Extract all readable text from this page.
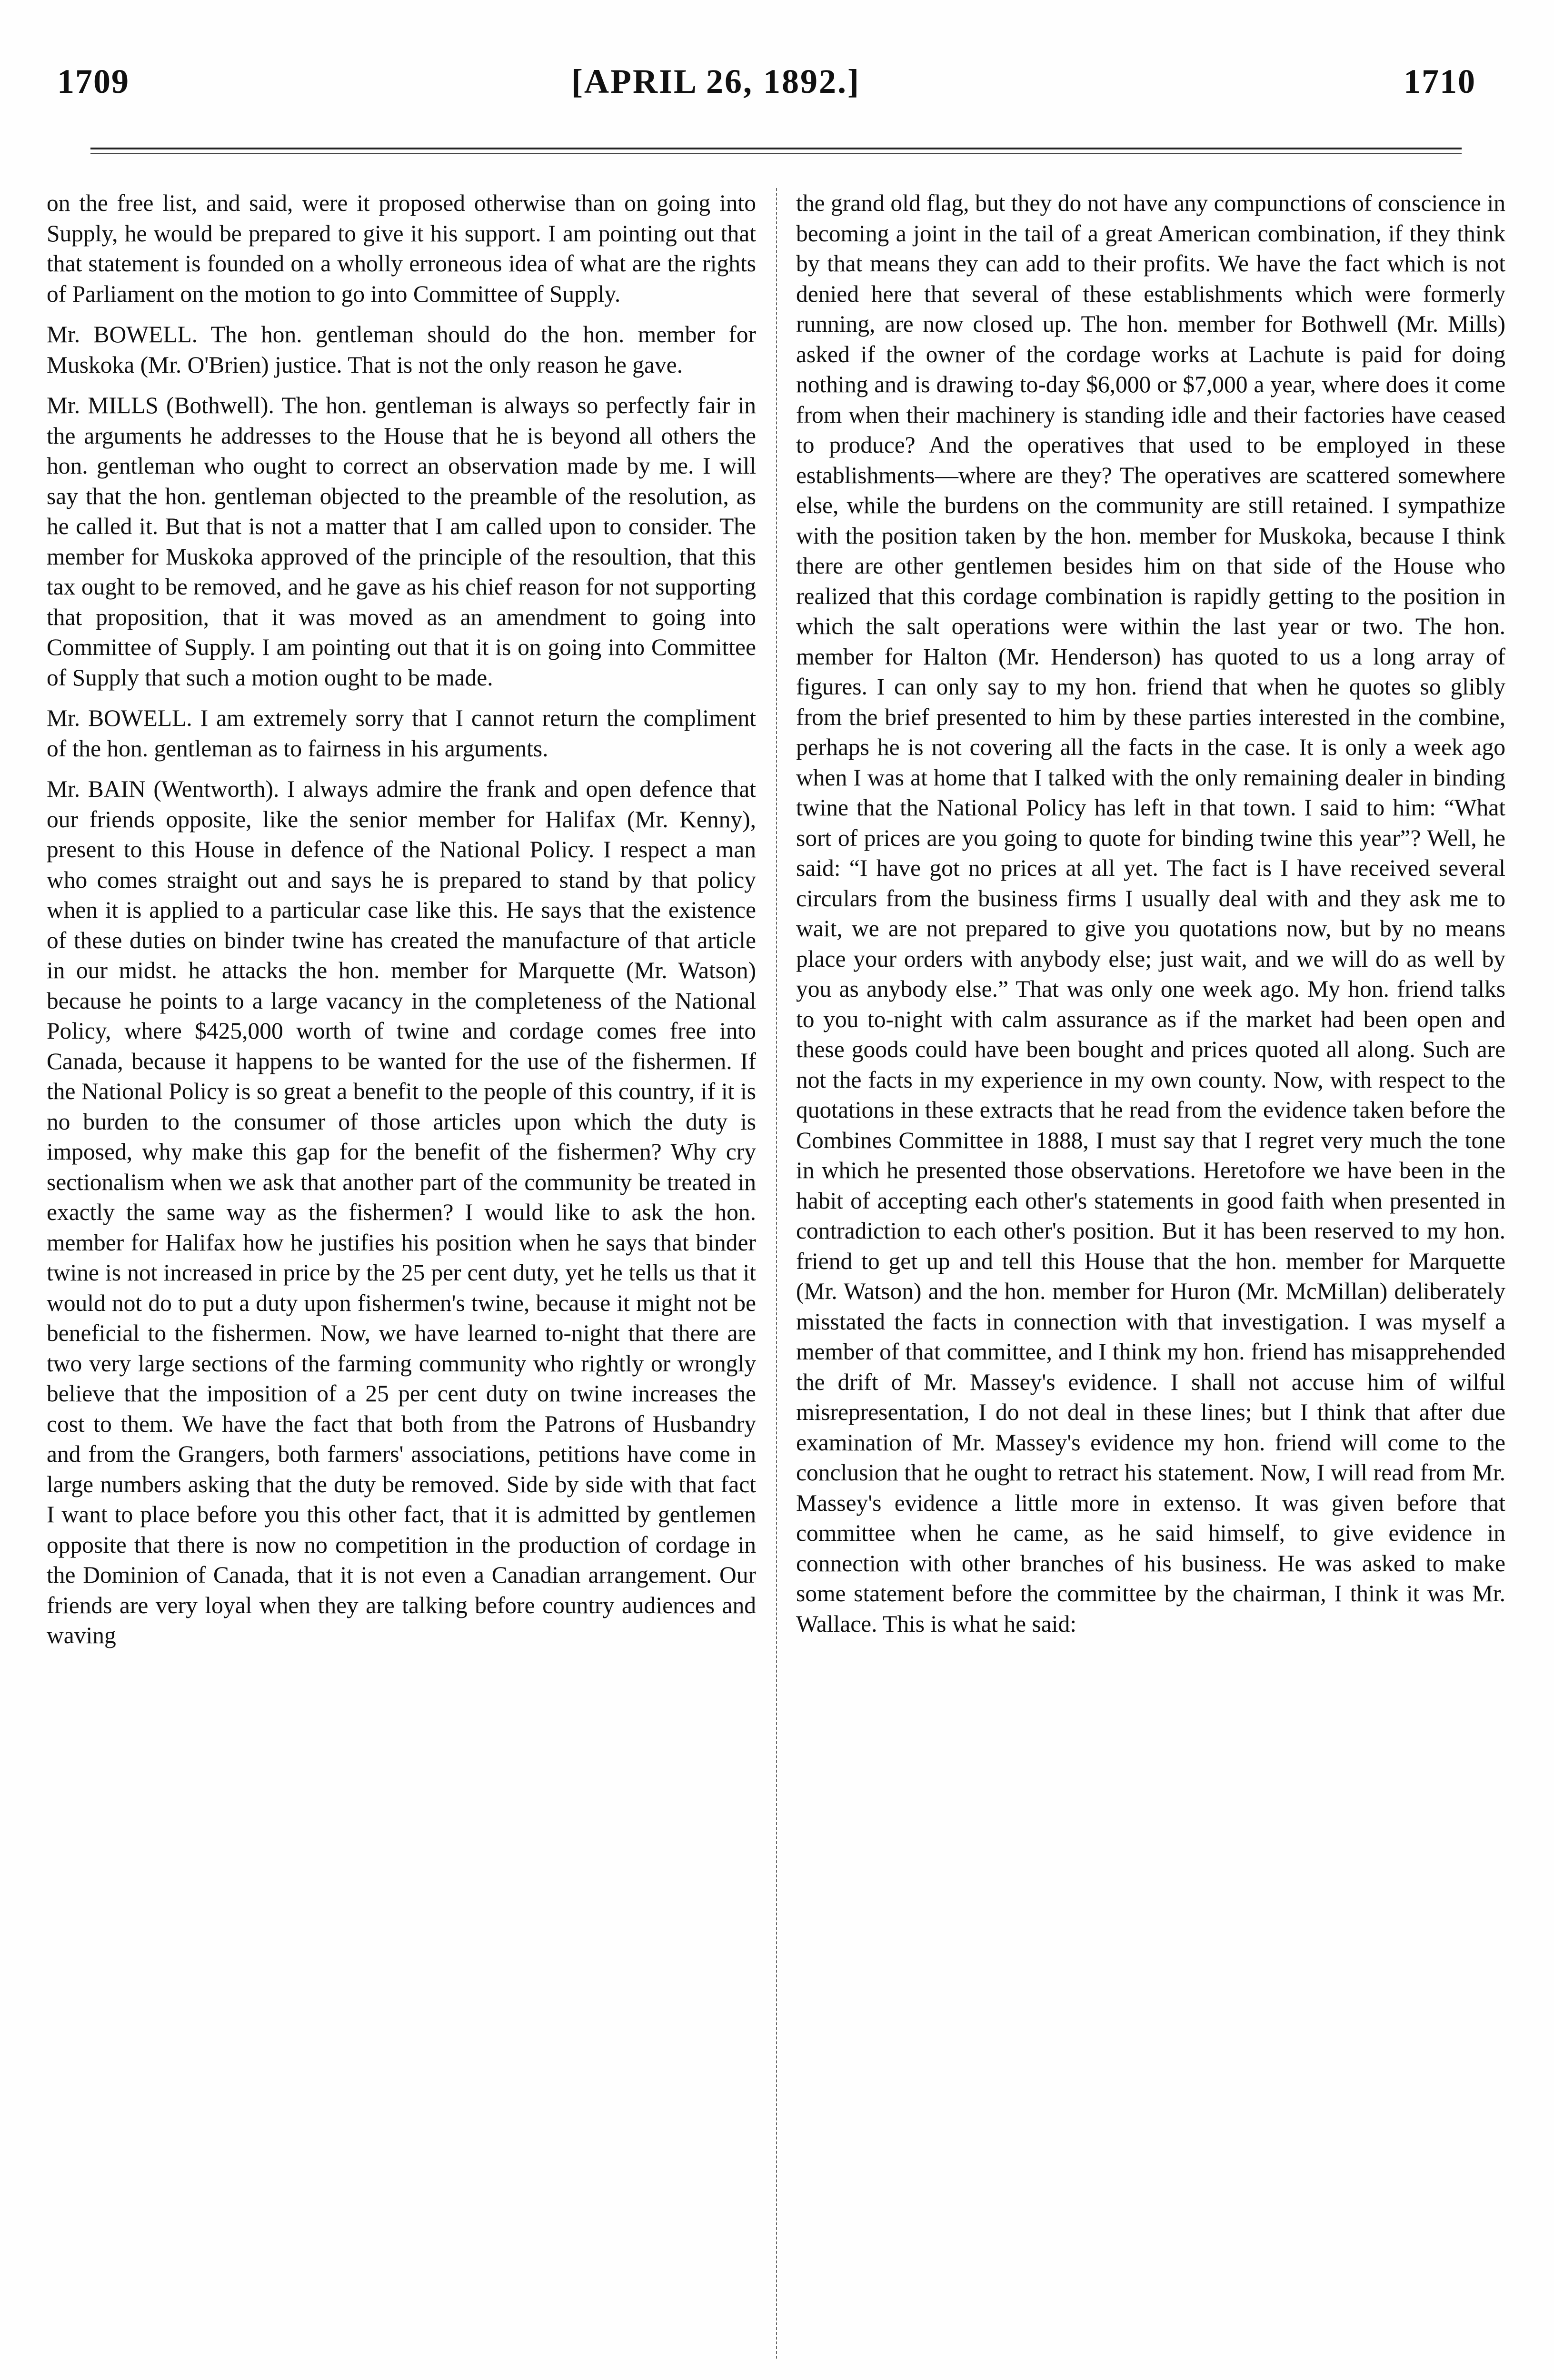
1709	[APRIL 26, 1892.]	1710

on the free list, and said, were it proposed otherwise than on going into Supply, he would be prepared to give it his support. I am pointing out that that statement is founded on a wholly erroneous idea of what are the rights of Parliament on the motion to go into Committee of Supply.

Mr. BOWELL. The hon. gentleman should do the hon. member for Muskoka (Mr. O'Brien) justice. That is not the only reason he gave.

Mr. MILLS (Bothwell). The hon. gentleman is always so perfectly fair in the arguments he addresses to the House that he is beyond all others the hon. gentleman who ought to correct an observation made by me. I will say that the hon. gentleman objected to the preamble of the resolution, as he called it. But that is not a matter that I am called upon to consider. The member for Muskoka approved of the principle of the resoultion, that this tax ought to be removed, and he gave as his chief reason for not supporting that proposition, that it was moved as an amendment to going into Committee of Supply. I am pointing out that it is on going into Committee of Supply that such a motion ought to be made.

Mr. BOWELL. I am extremely sorry that I cannot return the compliment of the hon. gentleman as to fairness in his arguments.

Mr. BAIN (Wentworth). I always admire the frank and open defence that our friends opposite, like the senior member for Halifax (Mr. Kenny), present to this House in defence of the National Policy. I respect a man who comes straight out and says he is prepared to stand by that policy when it is applied to a particular case like this. He says that the existence of these duties on binder twine has created the manufacture of that article in our midst. he attacks the hon. member for Marquette (Mr. Watson) because he points to a large vacancy in the completeness of the National Policy, where $425,000 worth of twine and cordage comes free into Canada, because it happens to be wanted for the use of the fishermen. If the National Policy is so great a benefit to the people of this country, if it is no burden to the consumer of those articles upon which the duty is imposed, why make this gap for the benefit of the fishermen? Why cry sectionalism when we ask that another part of the community be treated in exactly the same way as the fishermen? I would like to ask the hon. member for Halifax how he justifies his position when he says that binder twine is not increased in price by the 25 per cent duty, yet he tells us that it would not do to put a duty upon fishermen's twine, because it might not be beneficial to the fishermen. Now, we have learned to-night that there are two very large sections of the farming community who rightly or wrongly believe that the imposition of a 25 per cent duty on twine increases the cost to them. We have the fact that both from the Patrons of Husbandry and from the Grangers, both farmers' associations, petitions have come in large numbers asking that the duty be removed. Side by side with that fact I want to place before you this other fact, that it is admitted by gentlemen opposite that there is now no competition in the production of cordage in the Dominion of Canada, that it is not even a Canadian arrangement. Our friends are very loyal when they are talking before country audiences and waving

the grand old flag, but they do not have any compunctions of conscience in becoming a joint in the tail of a great American combination, if they think by that means they can add to their profits. We have the fact which is not denied here that several of these establishments which were formerly running, are now closed up. The hon. member for Bothwell (Mr. Mills) asked if the owner of the cordage works at Lachute is paid for doing nothing and is drawing to-day $6,000 or $7,000 a year, where does it come from when their machinery is standing idle and their factories have ceased to produce? And the operatives that used to be employed in these establishments—where are they? The operatives are scattered somewhere else, while the burdens on the community are still retained. I sympathize with the position taken by the hon. member for Muskoka, because I think there are other gentlemen besides him on that side of the House who realized that this cordage combination is rapidly getting to the position in which the salt operations were within the last year or two. The hon. member for Halton (Mr. Henderson) has quoted to us a long array of figures. I can only say to my hon. friend that when he quotes so glibly from the brief presented to him by these parties interested in the combine, perhaps he is not covering all the facts in the case. It is only a week ago when I was at home that I talked with the only remaining dealer in binding twine that the National Policy has left in that town. I said to him: “What sort of prices are you going to quote for binding twine this year”? Well, he said: “I have got no prices at all yet. The fact is I have received several circulars from the business firms I usually deal with and they ask me to wait, we are not prepared to give you quotations now, but by no means place your orders with anybody else; just wait, and we will do as well by you as anybody else.” That was only one week ago. My hon. friend talks to you to-night with calm assurance as if the market had been open and these goods could have been bought and prices quoted all along. Such are not the facts in my experience in my own county. Now, with respect to the quotations in these extracts that he read from the evidence taken before the Combines Committee in 1888, I must say that I regret very much the tone in which he presented those observations. Heretofore we have been in the habit of accepting each other's statements in good faith when presented in contradiction to each other's position. But it has been reserved to my hon. friend to get up and tell this House that the hon. member for Marquette (Mr. Watson) and the hon. member for Huron (Mr. McMillan) deliberately misstated the facts in connection with that investigation. I was myself a member of that committee, and I think my hon. friend has misapprehended the drift of Mr. Massey's evidence. I shall not accuse him of wilful misrepresentation, I do not deal in these lines; but I think that after due examination of Mr. Massey's evidence my hon. friend will come to the conclusion that he ought to retract his statement. Now, I will read from Mr. Massey's evidence a little more in extenso. It was given before that committee when he came, as he said himself, to give evidence in connection with other branches of his business. He was asked to make some statement before the committee by the chairman, I think it was Mr. Wallace. This is what he said:
